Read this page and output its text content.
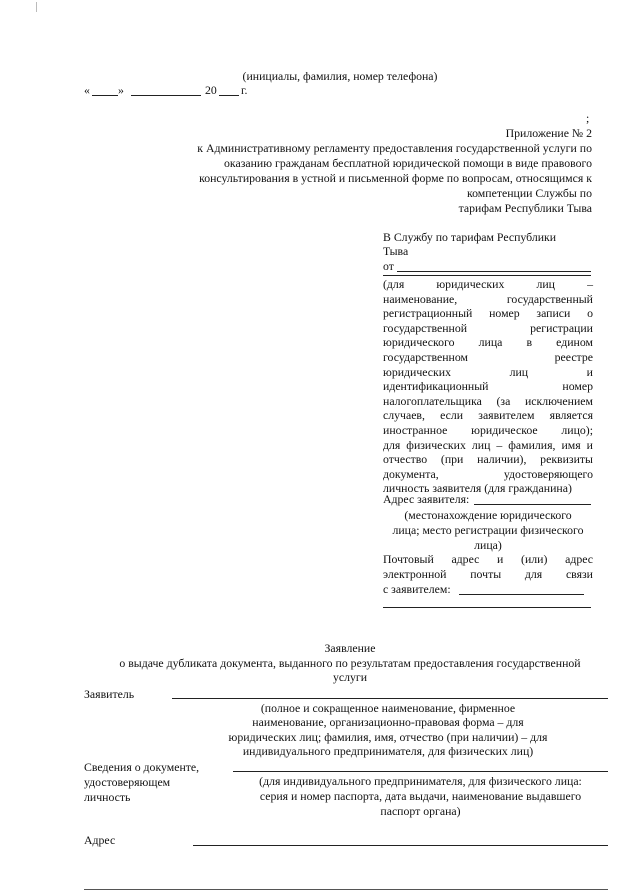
(инициалы, фамилия, номер телефона)
« »	20 г.
;
Приложение № 2
к Административному регламенту предоставления государственной услуги по
оказанию гражданам бесплатной юридической помощи в виде правового
консультирования в устной и письменной форме по вопросам, относящимся к
компетенции Службы по
тарифам Республики Тыва
В Службу по тарифам Республики
Тыва
от
(для юридических лиц –
наименование, государственный
регистрационный номер записи о
государственной регистрации
юридического лица в едином
государственном реестре
юридических лиц и
идентификационный номер
налогоплательщика (за исключением
случаев, если заявителем является
иностранное юридическое лицо);
для физических лиц – фамилия, имя и
отчество (при наличии), реквизиты
документа, удостоверяющего
личность заявителя (для гражданина)
Адрес заявителя:
(местонахождение юридического
лица; место регистрации физического
лица)
Почтовый адрес и (или) адрес
электронной почты для связи
с заявителем:
Заявление
о выдаче дубликата документа, выданного по результатам предоставления государственной
услуги
Заявитель
(полное и сокращенное наименование, фирменное
наименование, организационно-правовая форма – для
юридических лиц; фамилия, имя, отчество (при наличии) – для
индивидуального предпринимателя, для физических лиц)
Сведения о документе,
удостоверяющем
личность
(для индивидуального предпринимателя, для физического лица:
серия и номер паспорта, дата выдачи, наименование выдавшего
паспорт органа)
Адрес
